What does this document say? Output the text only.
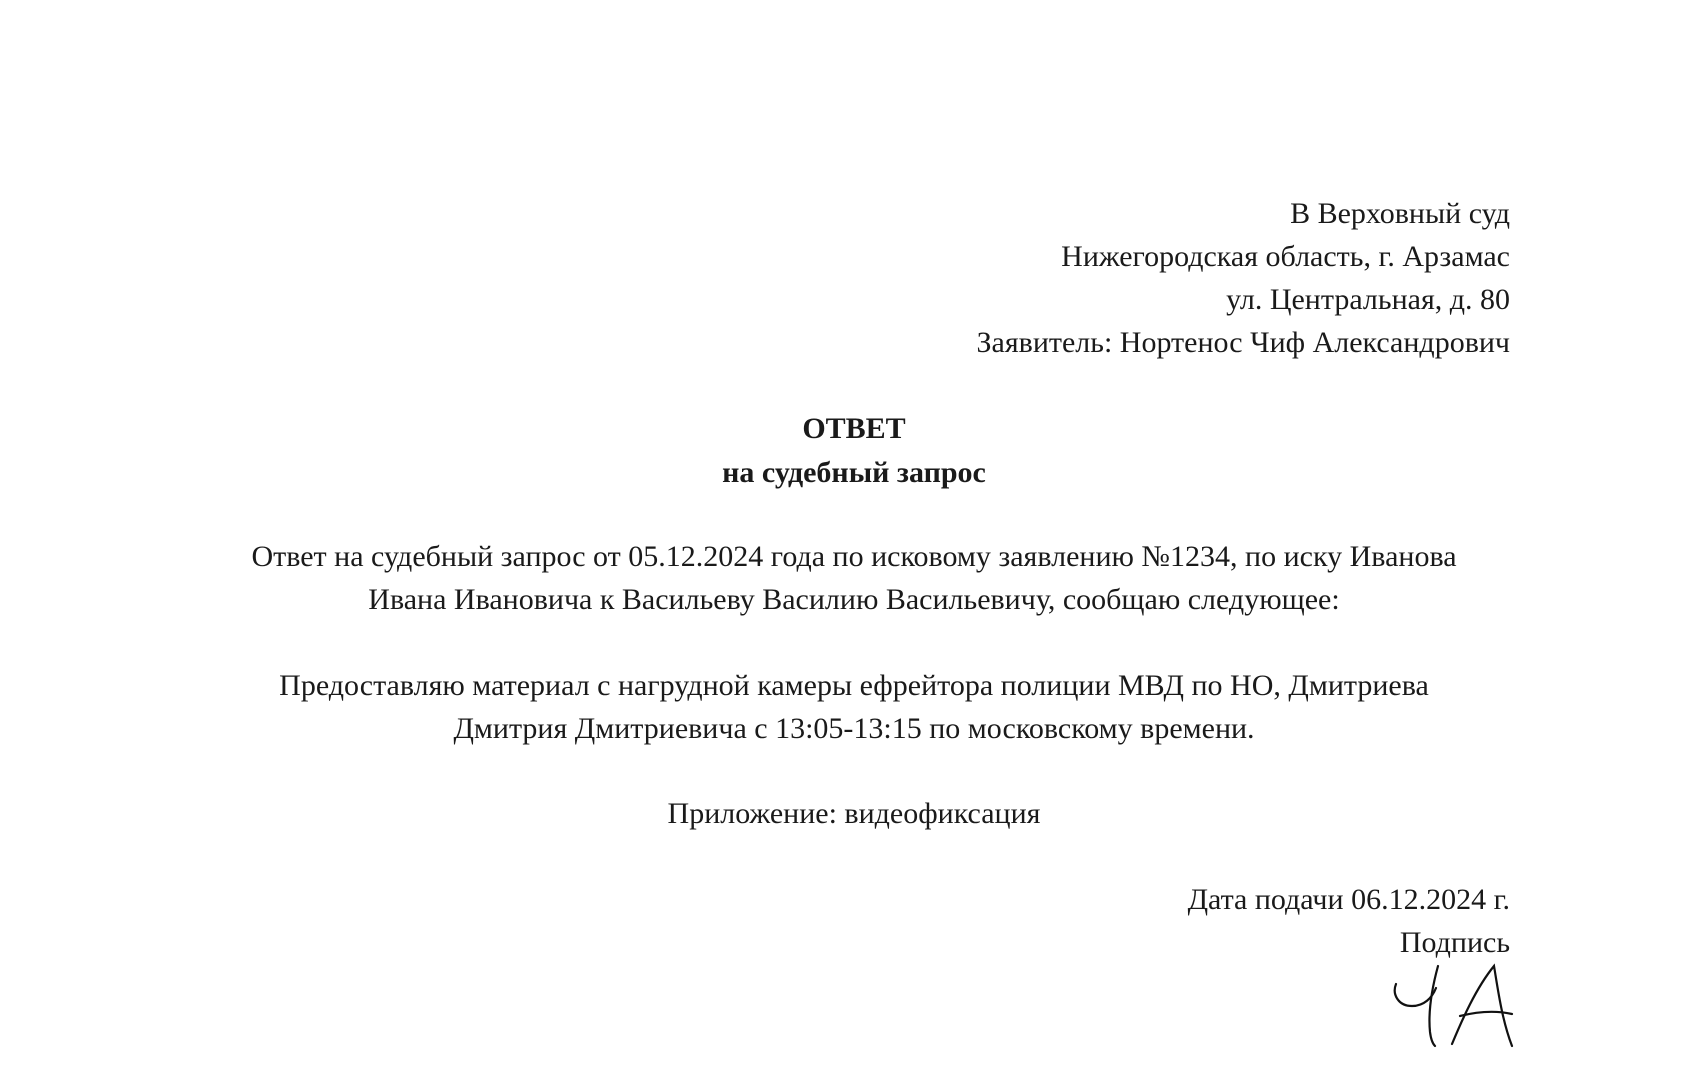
В Верховный суд
Нижегородская область, г. Арзамас
ул. Центральная, д. 80
Заявитель: Нортенос Чиф Александрович
ОТВЕТ
на судебный запрос
Ответ на судебный запрос от 05.12.2024 года по исковому заявлению №1234, по иску Иванова
Ивана Ивановича к Васильеву Василию Васильевичу, сообщаю следующее:
Предоставляю материал с нагрудной камеры ефрейтора полиции МВД по НО, Дмитриева
Дмитрия Дмитриевича с 13:05-13:15 по московскому времени.
Приложение: видеофиксация
Дата подачи 06.12.2024 г.
Подпись
